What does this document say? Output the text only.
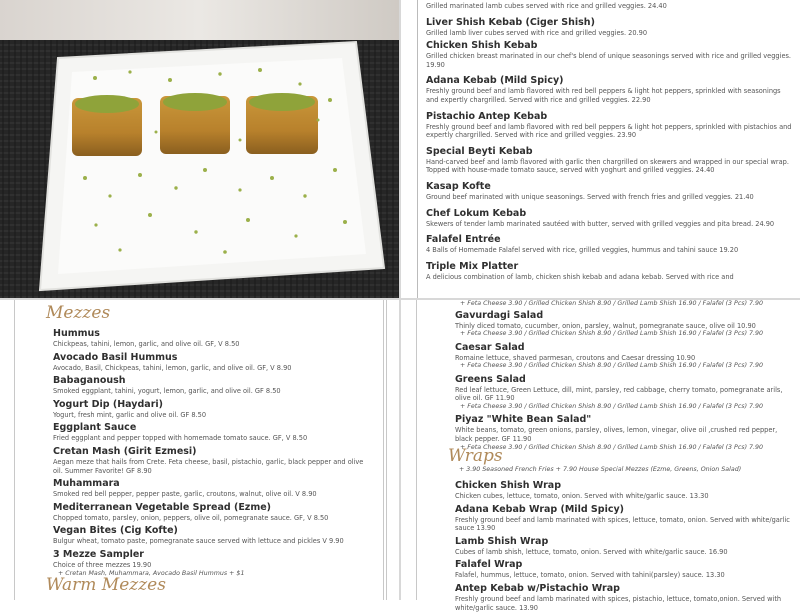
Grilled marinated lamb cubes served with rice and grilled veggies. 24.40
Liver Shish Kebab (Ciger Shish)
Grilled lamb liver cubes served with rice and grilled veggies. 20.90
Chicken Shish Kebab
Grilled chicken breast marinated in our chef's blend of unique seasonings served with rice and grilled veggies. 19.90
Adana Kebab (Mild Spicy)
Freshly ground beef and lamb flavored with red bell peppers & light hot peppers, sprinkled with seasonings and expertly chargrilled. Served with rice and grilled veggies. 22.90
Pistachio Antep Kebab
Freshly ground beef and lamb flavored with red bell peppers & light hot peppers, sprinkled with pistachios and expertly chargrilled. Served with rice and grilled veggies. 23.90
Special Beyti Kebab
Hand-carved beef and lamb flavored with garlic then chargrilled on skewers and wrapped in our special wrap. Topped with house-made tomato sauce, served with yoghurt and grilled veggies. 24.40
Kasap Kofte
Ground beef marinated with unique seasonings. Served with french fries and grilled veggies. 21.40
Chef Lokum Kebab
Skewers of tender lamb marinated sautéed with butter, served with grilled veggies and pita bread. 24.90
Falafel Entrée
4 Balls of Homemade Falafel served with rice, grilled veggies, hummus and tahini sauce 19.20
Triple Mix Platter
A delicious combination of lamb, chicken shish kebab and adana kebab. Served with rice and
Mezzes
Hummus
Chickpeas, tahini, lemon, garlic, and olive oil. GF, V 8.50
Avocado Basil Hummus
Avocado, Basil, Chickpeas, tahini, lemon, garlic, and olive oil. GF, V 8.90
Babaganoush
Smoked eggplant, tahini, yogurt, lemon, garlic, and olive oil. GF 8.50
Yogurt Dip (Haydari)
Yogurt, fresh mint, garlic and olive oil. GF 8.50
Eggplant Sauce
Fried eggplant and pepper topped with homemade tomato sauce. GF, V 8.50
Cretan Mash (Girit Ezmesi)
Aegan meze that hails from Crete. Feta cheese, basil, pistachio, garlic, black pepper and olive oil. Summer Favorite! GF 8.90
Muhammara
Smoked red bell pepper, pepper paste, garlic, croutons, walnut, olive oil. V 8.90
Mediterranean Vegetable Spread (Ezme)
Chopped tomato, parsley, onion, peppers, olive oil, pomegranate sauce. GF, V 8.50
Vegan Bites (Cig Kofte)
Bulgur wheat, tomato paste, pomegranate sauce served with lettuce and pickles V 9.90
3 Mezze Sampler
Choice of three mezzes 19.90
+ Cretan Mash, Muhammara, Avocado Basil Hummus + $1
Warm Mezzes
+ Feta Cheese 3.90 / Grilled Chicken Shish 8.90 / Grilled Lamb Shish 16.90 / Falafel (3 Pcs) 7.90
Gavurdagi Salad
Thinly diced tomato, cucumber, onion, parsley, walnut, pomegranate sauce, olive oil 10.90
+ Feta Cheese 3.90 / Grilled Chicken Shish 8.90 / Grilled Lamb Shish 16.90 / Falafel (3 Pcs) 7.90
Caesar Salad
Romaine lettuce, shaved parmesan, croutons and Caesar dressing 10.90
+ Feta Cheese 3.90 / Grilled Chicken Shish 8.90 / Grilled Lamb Shish 16.90 / Falafel (3 Pcs) 7.90
Greens Salad
Red leaf lettuce, Green Lettuce, dill, mint, parsley, red cabbage, cherry tomato, pomegranate arils, olive oil. GF 11.90
+ Feta Cheese 3.90 / Grilled Chicken Shish 8.90 / Grilled Lamb Shish 16.90 / Falafel (3 Pcs) 7.90
Piyaz "White Bean Salad"
White beans, tomato, green onions, parsley, olives, lemon, vinegar, olive oil ,crushed red pepper, black pepper. GF 11.90
+ Feta Cheese 3.90 / Grilled Chicken Shish 8.90 / Grilled Lamb Shish 16.90 / Falafel (3 Pcs) 7.90
Wraps
+ 3.90 Seasoned French Fries + 7.90 House Special Mezzes (Ezme, Greens, Onion Salad)
Chicken Shish Wrap
Chicken cubes, lettuce, tomato, onion. Served with white/garlic sauce. 13.30
Adana Kebab Wrap (Mild Spicy)
Freshly ground beef and lamb marinated with spices, lettuce, tomato, onion. Served with white/garlic sauce 13.90
Lamb Shish Wrap
Cubes of lamb shish, lettuce, tomato, onion. Served with white/garlic sauce. 16.90
Falafel Wrap
Falafel, hummus, lettuce, tomato, onion. Served with tahini(parsley) sauce. 13.30
Antep Kebab w/Pistachio Wrap
Freshly ground beef and lamb marinated with spices, pistachio, lettuce, tomato,onion. Served with white/garlic sauce. 13.90
